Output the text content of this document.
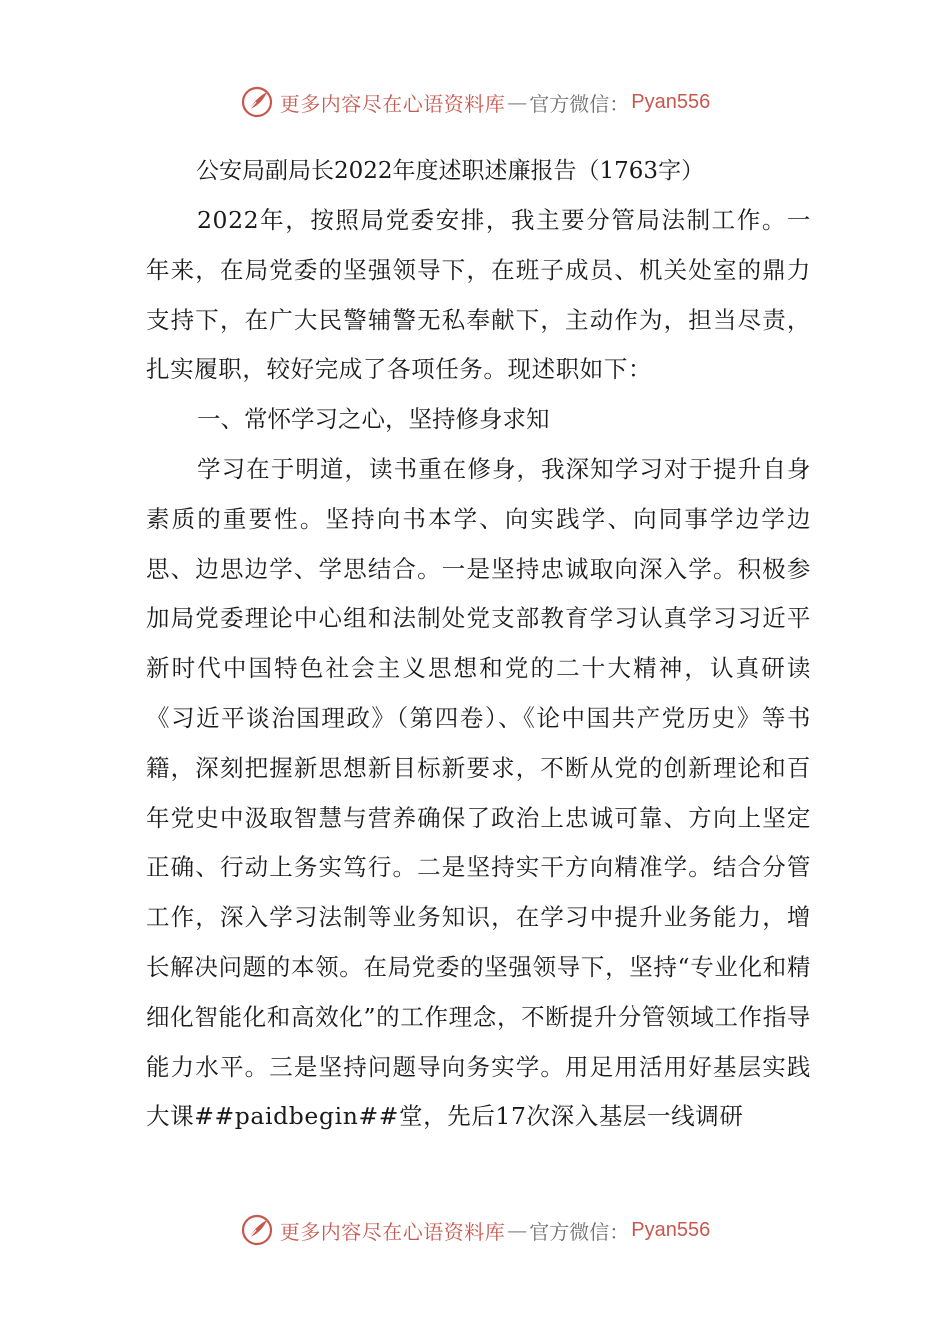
更多内容尽在心语资料库 — 官方微信： Pyan556
公安局副局长2022年度述职述廉报告（1763字）

2022年，按照局党委安排，我主要分管局法制工作。一年来，在局党委的坚强领导下，在班子成员、机关处室的鼎力支持下，在广大民警辅警无私奉献下，主动作为，担当尽责，扎实履职，较好完成了各项任务。现述职如下：

一、常怀学习之心，坚持修身求知

学习在于明道，读书重在修身，我深知学习对于提升自身素质的重要性。坚持向书本学、向实践学、向同事学边学边思、边思边学、学思结合。一是坚持忠诚取向深入学。积极参加局党委理论中心组和法制处党支部教育学习认真学习习近平新时代中国特色社会主义思想和党的二十大精神，认真研读《习近平谈治国理政》（第四卷）、《论中国共产党历史》等书籍，深刻把握新思想新目标新要求，不断从党的创新理论和百年党史中汲取智慧与营养确保了政治上忠诚可靠、方向上坚定正确、行动上务实笃行。二是坚持实干方向精准学。结合分管工作，深入学习法制等业务知识，在学习中提升业务能力，增长解决问题的本领。在局党委的坚强领导下，坚持“专业化和精细化智能化和高效化”的工作理念，不断提升分管领域工作指导能力水平。三是坚持问题导向务实学。用足用活用好基层实践大课##paidbegin##堂，先后17次深入基层一线调研

更多内容尽在心语资料库 — 官方微信： Pyan556
